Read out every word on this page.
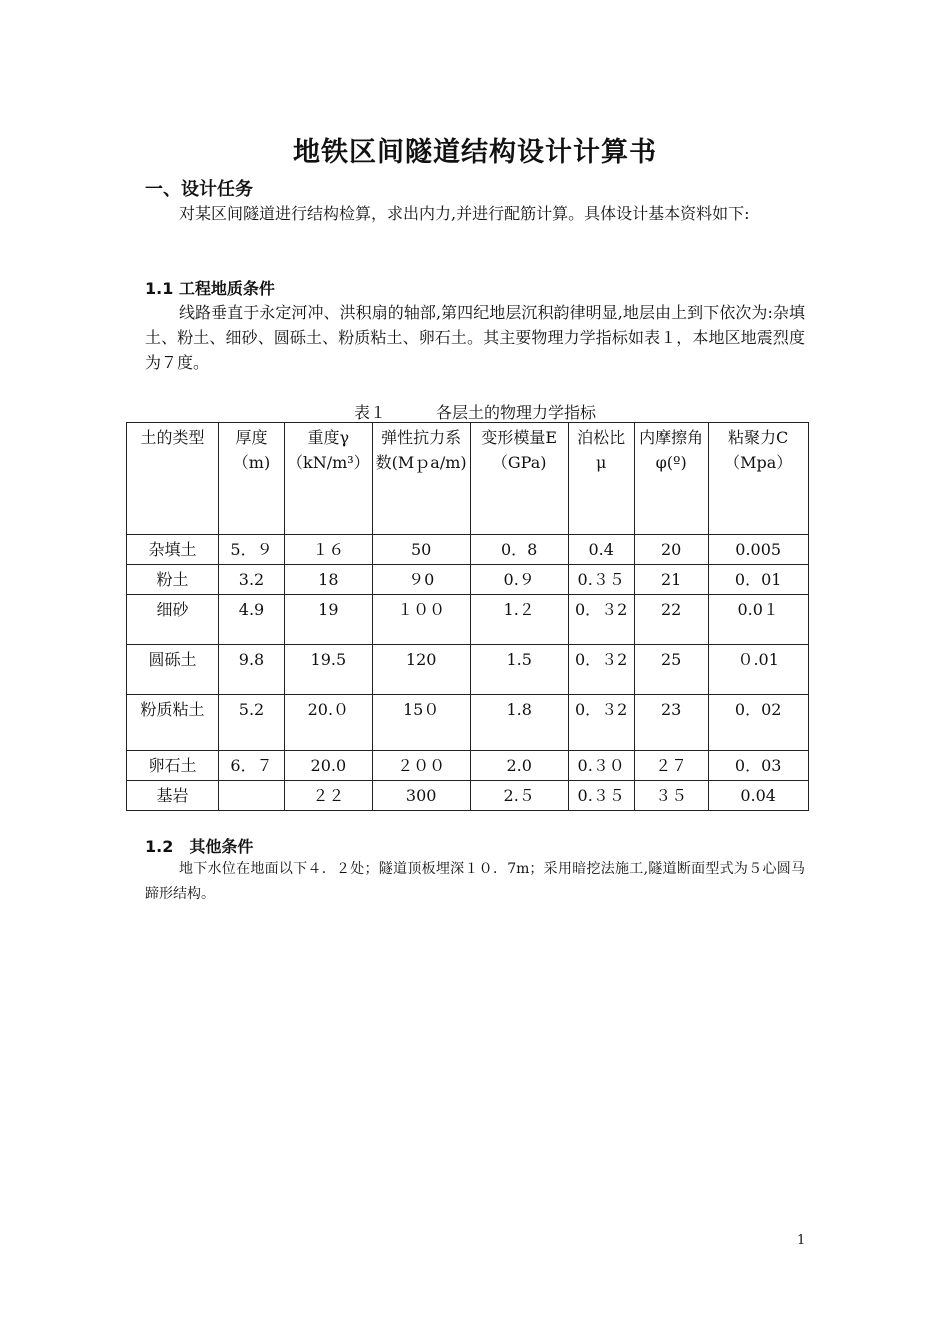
地铁区间隧道结构设计计算书
一、设计任务

对某区间隧道进行结构检算，求出内力,并进行配筋计算。具体设计基本资料如下:

1.1 工程地质条件

线路垂直于永定河冲、洪积扇的轴部,第四纪地层沉积韵律明显,地层由上到下依次为:杂填土、粉土、细砂、圆砾土、粉质粘土、卵石土。其主要物理力学指标如表１，本地区地震烈度为７度。

表１	各层土的物理力学指标
土的类型	厚度（m)	重度γ（kN/m³）	弹性抗力系数(Mｐa/m)	变形模量E（GPa)	泊松比 μ	内摩擦角 φ(º)	粘聚力C（Mpa）
杂填土	5．９	１６	50	0．8	0.4	20	0.005
粉土	3.2	18	９0	0.９	0.３５	21	0．01
细砂	4.9	19	１００	1.２	0．３2	22	0.0１
圆砾土	9.8	19.5	120	1.5	0．３2	25	０.01
粉质粘土	5.2	20.０	15０	1.8	0．３2	23	0．02
卵石土	6．７	20.0	２００	2.0	0.３０	２７	0．03
基岩		２２	300	2.５	0.３５	３５	0.04
1.2　其他条件

地下水位在地面以下４．２处；隧道顶板埋深１０．7m；采用暗挖法施工,隧道断面型式为５心圆马蹄形结构。

1
